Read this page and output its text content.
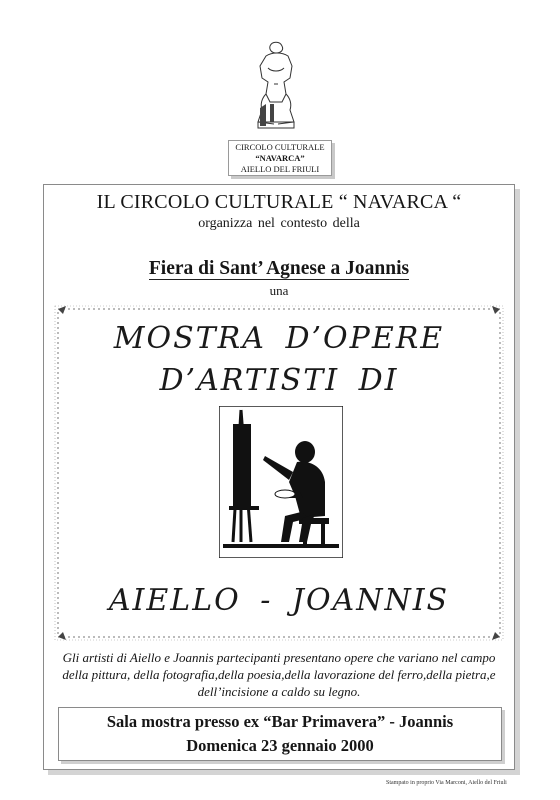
CIRCOLO CULTURALE
“NAVARCA”
AIELLO DEL FRIULI
IL CIRCOLO CULTURALE “ NAVARCA “
organizza nel contesto della
Fiera di Sant’ Agnese a Joannis
una
MOSTRA D’OPERE
D’ARTISTI DI
AIELLO - JOANNIS
Gli artisti di Aiello e Joannis partecipanti presentano opere che variano nel campo della pittura, della fotografia,della poesia,della lavorazione del ferro,della pietra,e dell’incisione a caldo su legno.
Sala mostra presso ex “Bar Primavera” - Joannis
Domenica 23 gennaio 2000
Stampato in proprio Via Marconi, Aiello del Friuli
